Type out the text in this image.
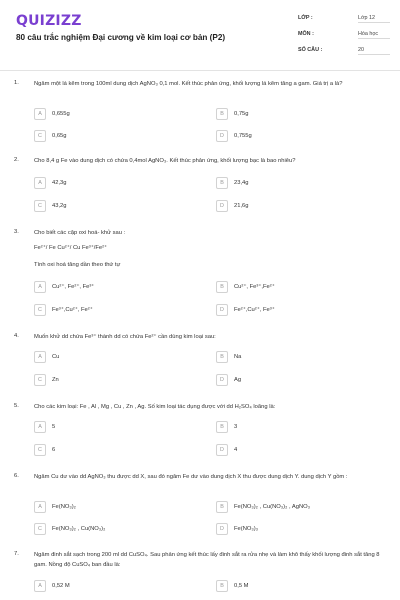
QUIZIZZ
80 câu trắc nghiệm Đại cương về kim loại cơ bản (P2)
LỚP :	Lớp 12
MÔN :	Hóa học
SỐ CÂU :	20
1.	Ngâm một lá kẽm trong 100ml dung dịch AgNO₃ 0,1 mol. Kết thúc phản ứng, khối lượng lá kẽm tăng a gam. Giá trị a là?
A	0,655g	B	0,75g
C	0,65g	D	0,755g
2.	Cho 8,4 g Fe vào dung dịch có chứa 0,4mol AgNO₃. Kết thúc phản ứng, khối lượng bạc là bao nhiêu?
A	42,3g	B	23,4g
C	43,2g	D	21,6g
3.	Cho biết các cặp oxi hoá- khử sau :
Fe²⁺/ Fe Cu²⁺/ Cu Fe³⁺/Fe²⁺
Tính oxi hoá tăng dần theo thứ tự
A	Cu²⁺, Fe²⁺, Fe³⁺	B	Cu²⁺, Fe³⁺,Fe²⁺
C	Fe³⁺,Cu²⁺, Fe²⁺	D	Fe²⁺,Cu²⁺, Fe³⁺
4.	Muốn khử dd chứa Fe³⁺ thành dd có chứa Fe²⁺ cần dùng kim loại sau:
A	Cu	B	Na
C	Zn	D	Ag
5.	Cho các kim loại: Fe , Al , Mg , Cu , Zn , Ag. Số kim loại tác dụng được với dd H₂SO₄ loãng là:
A	5	B	3
C	6	D	4
6.	Ngâm Cu dư vào dd AgNO₃ thu được dd X, sau đó ngâm Fe dư vào dung dịch X thu được dung dịch Y. dung dịch Y gồm :
A	Fe(NO₃)₂	B	Fe(NO₃)₂ , Cu(NO₃)₂ , AgNO₃
C	Fe(NO₃)₂ , Cu(NO₃)₂	D	Fe(NO₃)₃
7.	Ngâm đinh sắt sạch trong 200 ml dd CuSO₄. Sau phản ứng kết thúc lấy đinh sắt ra rửa nhẹ và làm khô thấy khối lượng đinh sắt tăng 8 gam. Nồng độ CuSO₄ ban đầu là:
A	0,52 M	B	0,5 M
